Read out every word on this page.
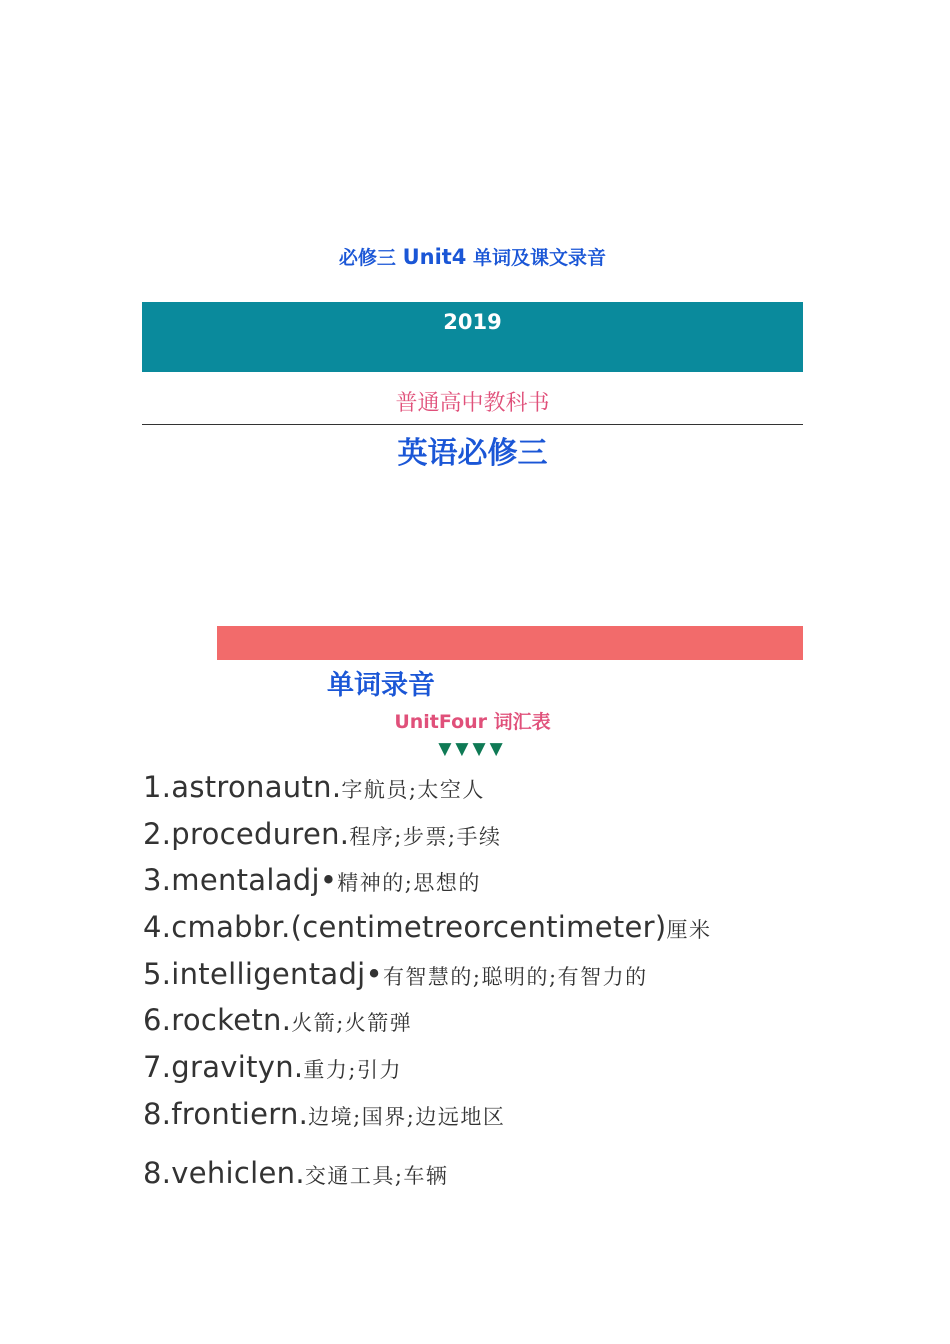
必修三 Unit4 单词及课文录音
2019
普通高中教科书
英语必修三
单词录音
UnitFour 词汇表
▼▼▼▼
1.astronautn.字航员;太空人
2.proceduren.程序;步票;手续
3.mentaladj•精神的;思想的
4.cmabbr.(centimetreorcentimeter)厘米
5.intelligentadj•有智慧的;聪明的;有智力的
6.rocketn.火箭;火箭弹
7.gravityn.重力;引力
8.frontiern.边境;国界;边远地区
8.vehiclen.交通工具;车辆
